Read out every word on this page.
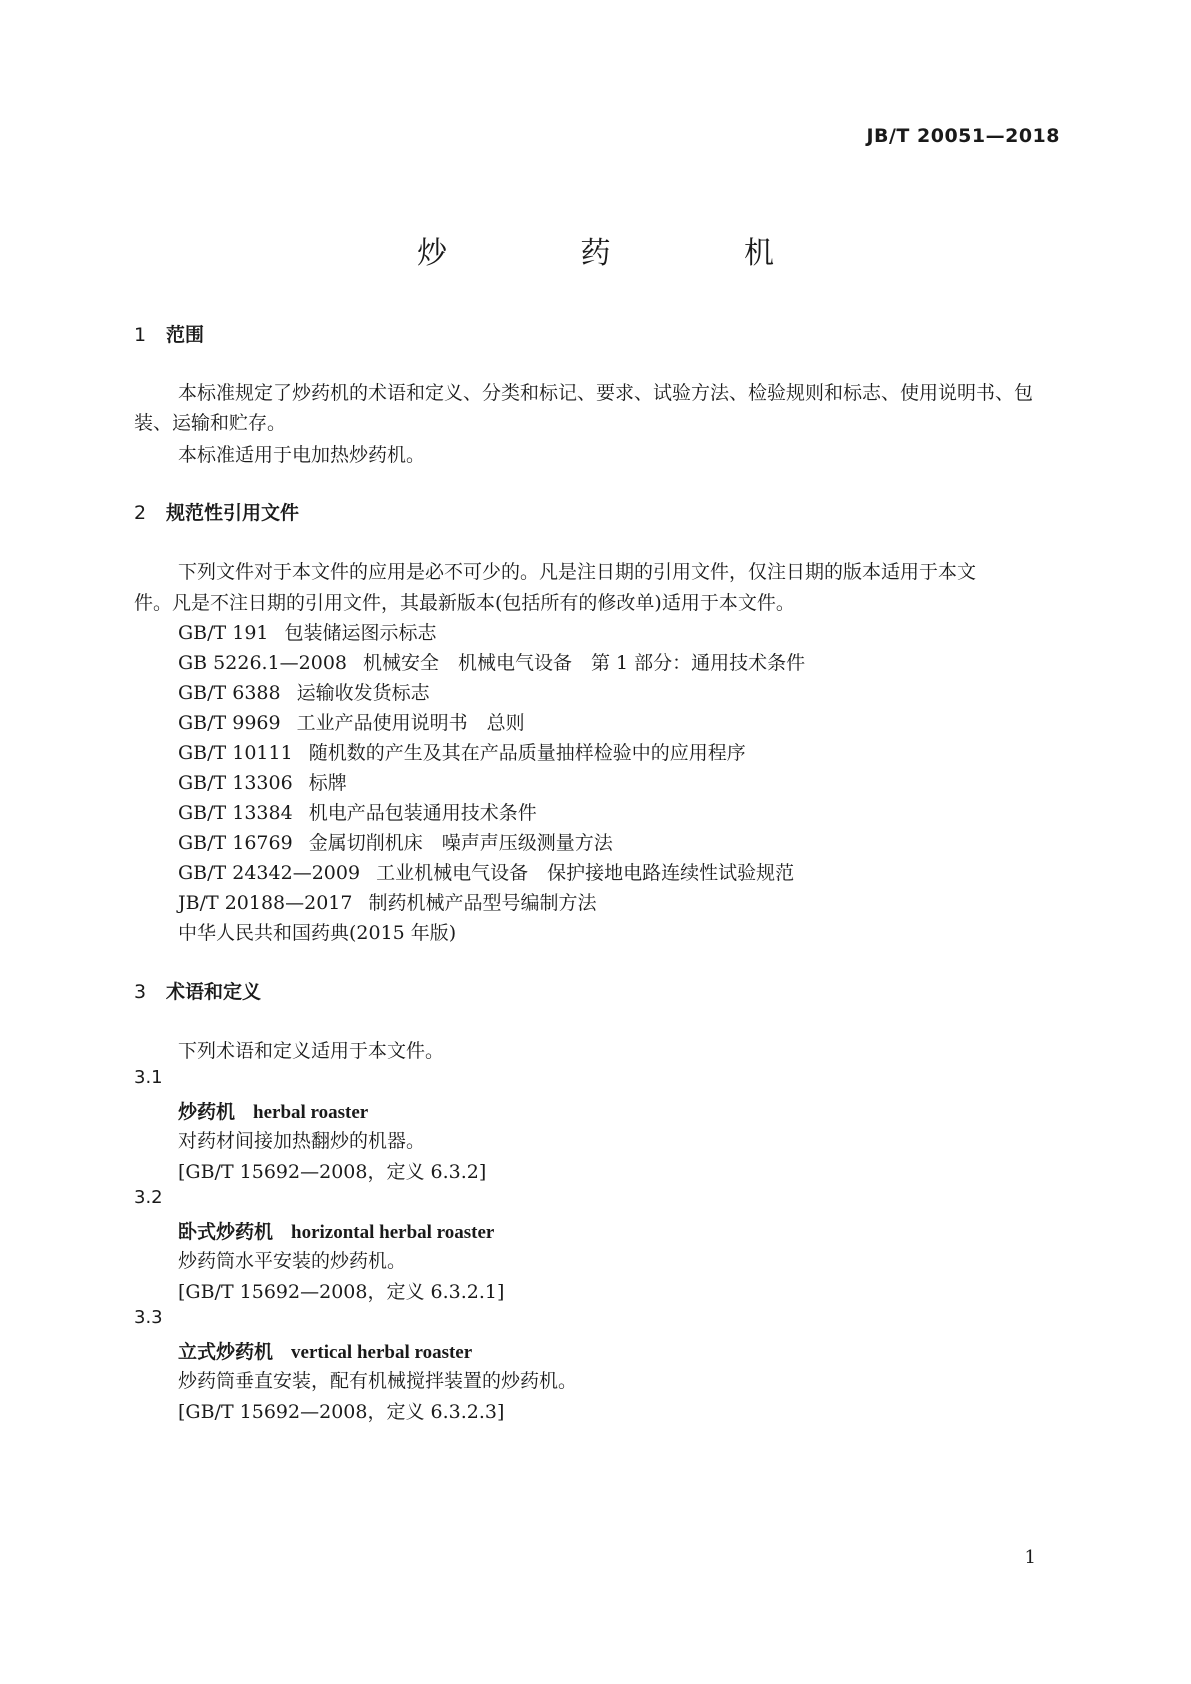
JB/T 20051—2018
炒 药 机
1 范围
本标准规定了炒药机的术语和定义、分类和标记、要求、试验方法、检验规则和标志、使用说明书、包
装、运输和贮存。
本标准适用于电加热炒药机。
2 规范性引用文件
下列文件对于本文件的应用是必不可少的。凡是注日期的引用文件，仅注日期的版本适用于本文
件。凡是不注日期的引用文件，其最新版本(包括所有的修改单)适用于本文件。
GB/T 191 包装储运图示标志
GB 5226.1—2008 机械安全　机械电气设备　第 1 部分：通用技术条件
GB/T 6388 运输收发货标志
GB/T 9969 工业产品使用说明书　总则
GB/T 10111 随机数的产生及其在产品质量抽样检验中的应用程序
GB/T 13306 标牌
GB/T 13384 机电产品包装通用技术条件
GB/T 16769 金属切削机床　噪声声压级测量方法
GB/T 24342—2009 工业机械电气设备　保护接地电路连续性试验规范
JB/T 20188—2017 制药机械产品型号编制方法
中华人民共和国药典(2015 年版)
3 术语和定义
下列术语和定义适用于本文件。
3.1
炒药机 herbal roaster
对药材间接加热翻炒的机器。
[GB/T 15692—2008，定义 6.3.2]
3.2
卧式炒药机 horizontal herbal roaster
炒药筒水平安装的炒药机。
[GB/T 15692—2008，定义 6.3.2.1]
3.3
立式炒药机 vertical herbal roaster
炒药筒垂直安装，配有机械搅拌装置的炒药机。
[GB/T 15692—2008，定义 6.3.2.3]
1
